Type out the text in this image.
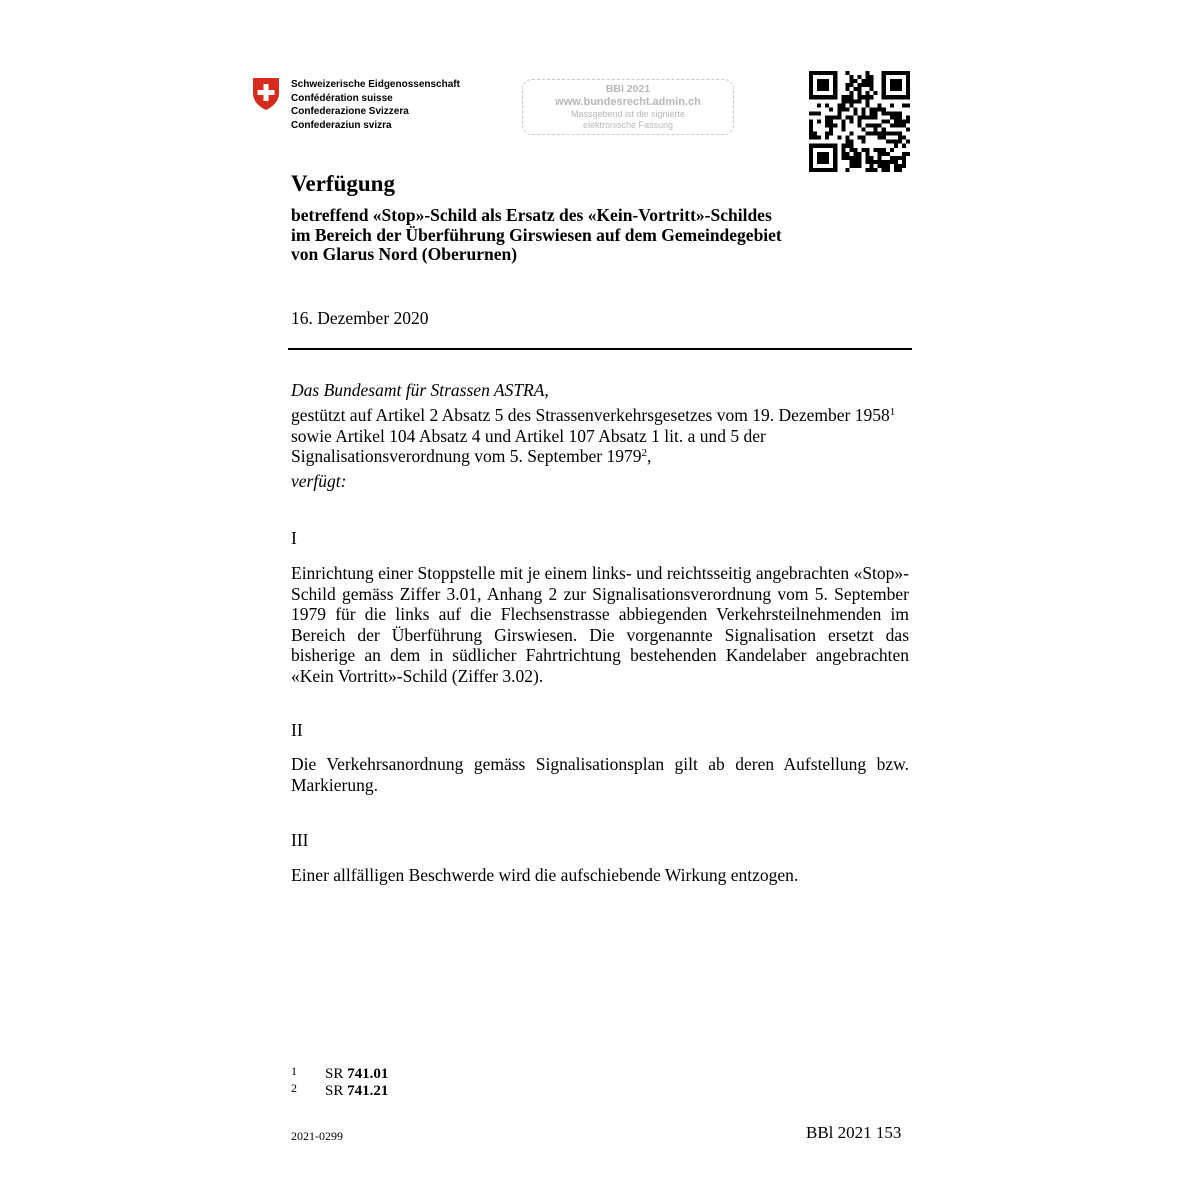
Schweizerische Eidgenossenschaft
Confédération suisse
Confederazione Svizzera
Confederaziun svizra
BBl 2021
www.bundesrecht.admin.ch
Massgebend ist die signierte
elektronische Fassung
Verfügung
betreffend «Stop»-Schild als Ersatz des «Kein-Vortritt»-Schildes
im Bereich der Überführung Girswiesen auf dem Gemeindegebiet
von Glarus Nord (Oberurnen)
16. Dezember 2020
Das Bundesamt für Strassen ASTRA,
gestützt auf Artikel 2 Absatz 5 des Strassenverkehrsgesetzes vom 19. Dezember 1958$^1$ sowie Artikel 104 Absatz 4 und Artikel 107 Absatz 1 lit. a und 5 der Signalisationsverordnung vom 5. September 1979$^2$,
verfügt:
I
Einrichtung einer Stoppstelle mit je einem links- und reichtsseitig angebrachten «Stop»-Schild gemäss Ziffer 3.01, Anhang 2 zur Signalisationsverordnung vom 5. September 1979 für die links auf die Flechsenstrasse abbiegenden Verkehrsteilnehmenden im Bereich der Überführung Girswiesen. Die vorgenannte Signalisation ersetzt das bisherige an dem in südlicher Fahrtrichtung bestehenden Kandelaber angebrachten «Kein Vortritt»-Schild (Ziffer 3.02).
II
Die Verkehrsanordnung gemäss Signalisationsplan gilt ab deren Aufstellung bzw. Markierung.
III
Einer allfälligen Beschwerde wird die aufschiebende Wirkung entzogen.
1 SR 741.01
2 SR 741.21
2021-0299	BBl 2021 153
